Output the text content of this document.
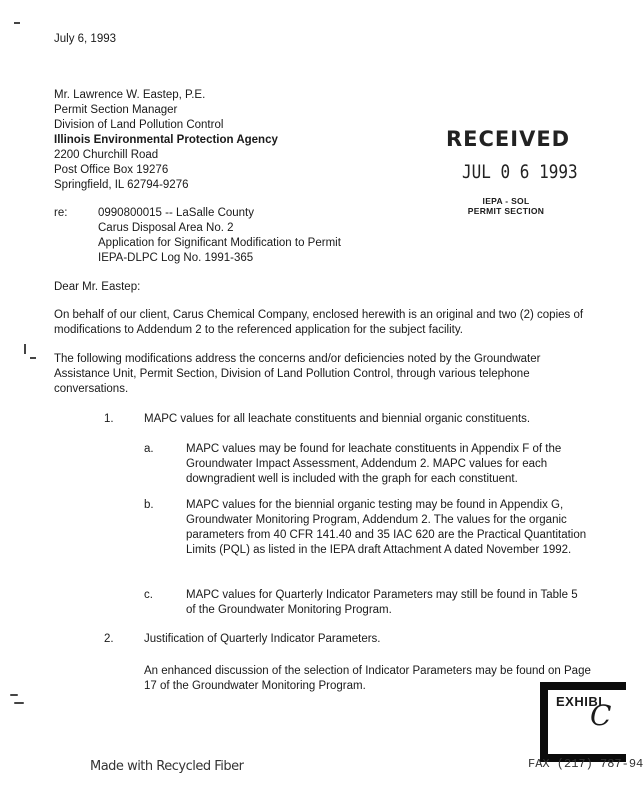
July 6, 1993
Mr. Lawrence W. Eastep, P.E.
Permit Section Manager
Division of Land Pollution Control
Illinois Environmental Protection Agency
2200 Churchill Road
Post Office Box 19276
Springfield, IL 62794-9276
RECEIVED
JUL 0 6 1993
IEPA - SOL
PERMIT SECTION
re:	0990800015 -- LaSalle County
Carus Disposal Area No. 2
Application for Significant Modification to Permit
IEPA-DLPC Log No. 1991-365
Dear Mr. Eastep:
On behalf of our client, Carus Chemical Company, enclosed herewith is an original and two (2) copies of modifications to Addendum 2 to the referenced application for the subject facility.
The following modifications address the concerns and/or deficiencies noted by the Groundwater Assistance Unit, Permit Section, Division of Land Pollution Control, through various telephone conversations.
1.	MAPC values for all leachate constituents and biennial organic constituents.
a.	MAPC values may be found for leachate constituents in Appendix F of the Groundwater Impact Assessment, Addendum 2. MAPC values for each downgradient well is included with the graph for each constituent.
b.	MAPC values for the biennial organic testing may be found in Appendix G, Groundwater Monitoring Program, Addendum 2. The values for the organic parameters from 40 CFR 141.40 and 35 IAC 620 are the Practical Quantitation Limits (PQL) as listed in the IEPA draft Attachment A dated November 1992.
c.	MAPC values for Quarterly Indicator Parameters may still be found in Table 5 of the Groundwater Monitoring Program.
2.	Justification of Quarterly Indicator Parameters.
An enhanced discussion of the selection of Indicator Parameters may be found on Page 17 of the Groundwater Monitoring Program.
EXHIBI
C
Made with Recycled Fiber	FAX (217) 787-94
